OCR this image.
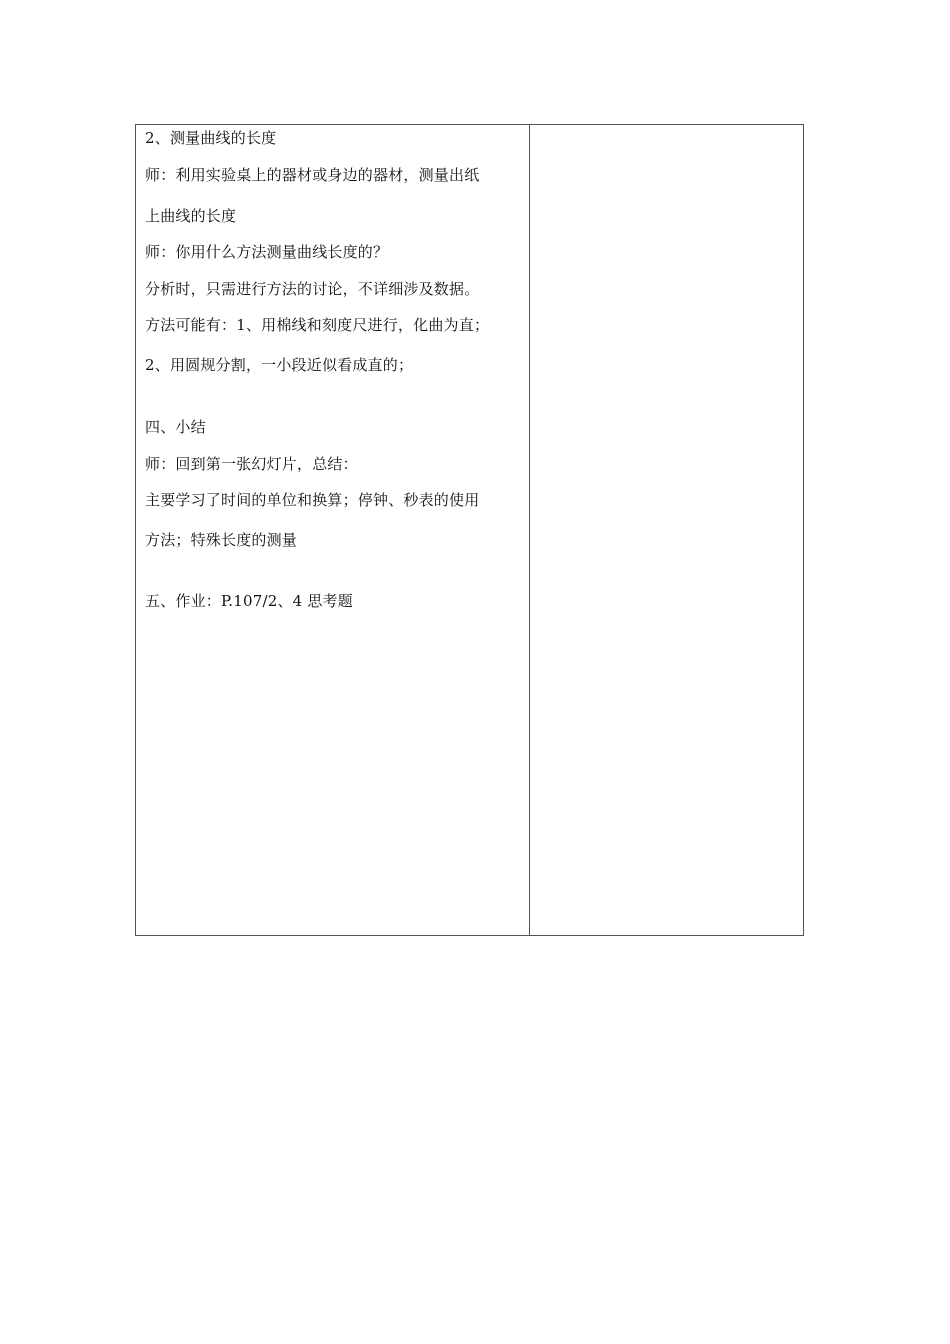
2、测量曲线的长度
师：利用实验桌上的器材或身边的器材，测量出纸
上曲线的长度
师：你用什么方法测量曲线长度的？
分析时，只需进行方法的讨论，不详细涉及数据。
方法可能有：1、用棉线和刻度尺进行，化曲为直；
2、用圆规分割，一小段近似看成直的；
四、小结
师：回到第一张幻灯片，总结：
主要学习了时间的单位和换算；停钟、秒表的使用
方法；特殊长度的测量
五、作业：P.107/2、4 思考题
